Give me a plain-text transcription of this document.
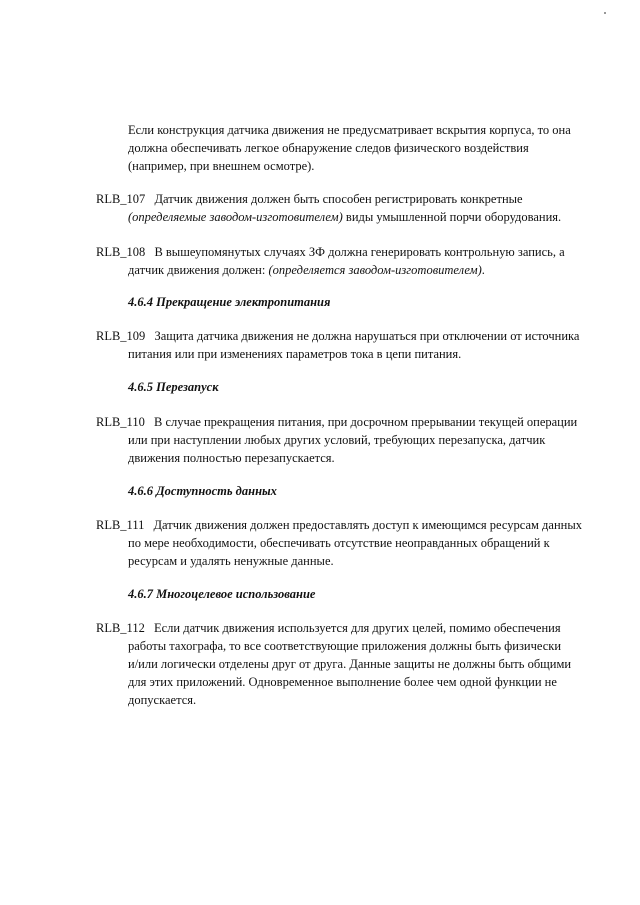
Если конструкция датчика движения не предусматривает вскрытия корпуса, то она
должна обеспечивать легкое обнаружение следов физического воздействия
(например, при внешнем осмотре).
RLB_107 Датчик движения должен быть способен регистрировать конкретные
(определяемые заводом-изготовителем) виды умышленной порчи оборудования.
RLB_108 В вышеупомянутых случаях ЗФ должна генерировать контрольную запись, а
датчик движения должен: (определяется заводом-изготовителем).
4.6.4 Прекращение электропитания
RLB_109 Защита датчика движения не должна нарушаться при отключении от источника
питания или при изменениях параметров тока в цепи питания.
4.6.5 Перезапуск
RLB_110 В случае прекращения питания, при досрочном прерывании текущей операции
или при наступлении любых других условий, требующих перезапуска, датчик
движения полностью перезапускается.
4.6.6 Доступность данных
RLB_111 Датчик движения должен предоставлять доступ к имеющимся ресурсам данных
по мере необходимости, обеспечивать отсутствие неоправданных обращений к
ресурсам и удалять ненужные данные.
4.6.7 Многоцелевое использование
RLB_112 Если датчик движения используется для других целей, помимо обеспечения
работы тахографа, то все соответствующие приложения должны быть физически
и/или логически отделены друг от друга. Данные защиты не должны быть общими
для этих приложений. Одновременное выполнение более чем одной функции не
допускается.
